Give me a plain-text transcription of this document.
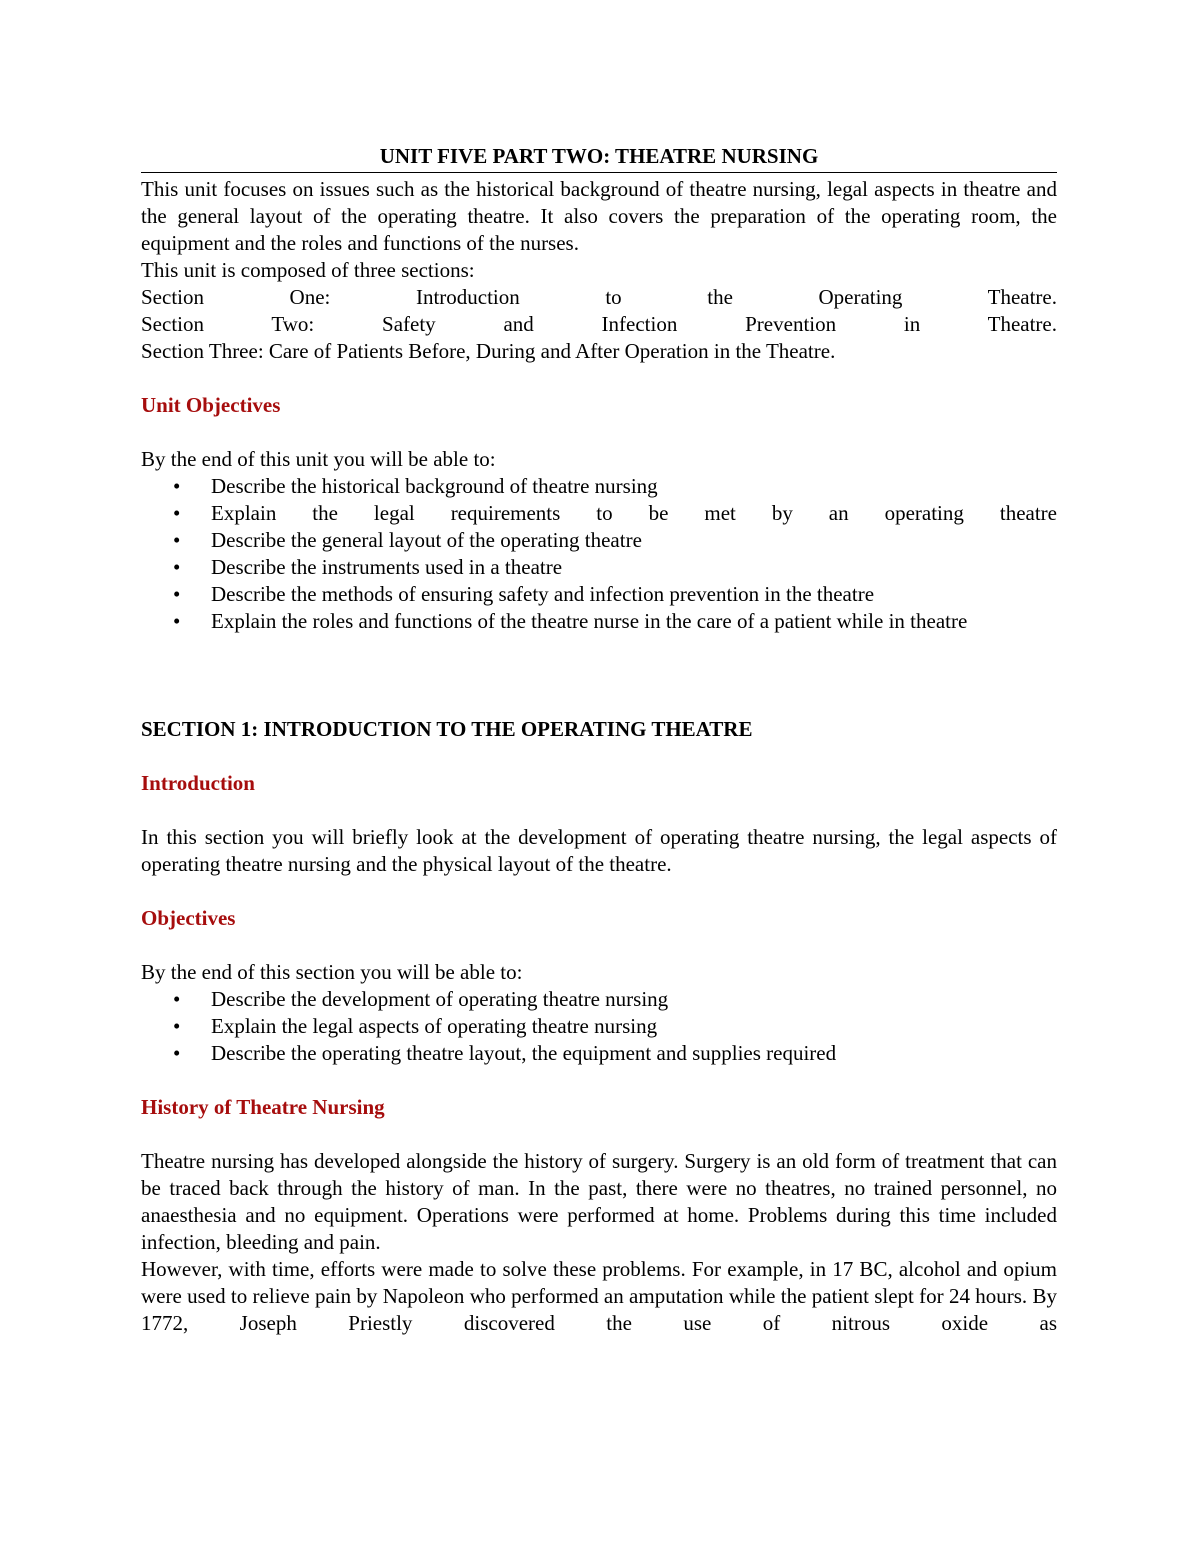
UNIT FIVE PART TWO: THEATRE NURSING

This unit focuses on issues such as the historical background of theatre nursing, legal aspects in theatre and the general layout of the operating theatre. It also covers the preparation of the operating room, the equipment and the roles and functions of the nurses.

This unit is composed of three sections:

Section One: Introduction to the Operating Theatre.

Section Two: Safety and Infection Prevention in Theatre.

Section Three: Care of Patients Before, During and After Operation in the Theatre.

Unit Objectives

By the end of this unit you will be able to:

• Describe the historical background of theatre nursing
• Explain the legal requirements to be met by an operating theatre
• Describe the general layout of the operating theatre
• Describe the instruments used in a theatre
• Describe the methods of ensuring safety and infection prevention in the theatre
• Explain the roles and functions of the theatre nurse in the care of a patient while in theatre
SECTION 1: INTRODUCTION TO THE OPERATING THEATRE
Introduction

In this section you will briefly look at the development of operating theatre nursing, the legal aspects of operating theatre nursing and the physical layout of the theatre.

Objectives

By the end of this section you will be able to:

• Describe the development of operating theatre nursing
• Explain the legal aspects of operating theatre nursing
• Describe the operating theatre layout, the equipment and supplies required
History of Theatre Nursing

Theatre nursing has developed alongside the history of surgery. Surgery is an old form of treatment that can be traced back through the history of man. In the past, there were no theatres, no trained personnel, no anaesthesia and no equipment. Operations were performed at home. Problems during this time included infection, bleeding and pain.

However, with time, efforts were made to solve these problems. For example, in 17 BC, alcohol and opium were used to relieve pain by Napoleon who performed an amputation while the patient slept for 24 hours. By 1772, Joseph Priestly discovered the use of nitrous oxide as
